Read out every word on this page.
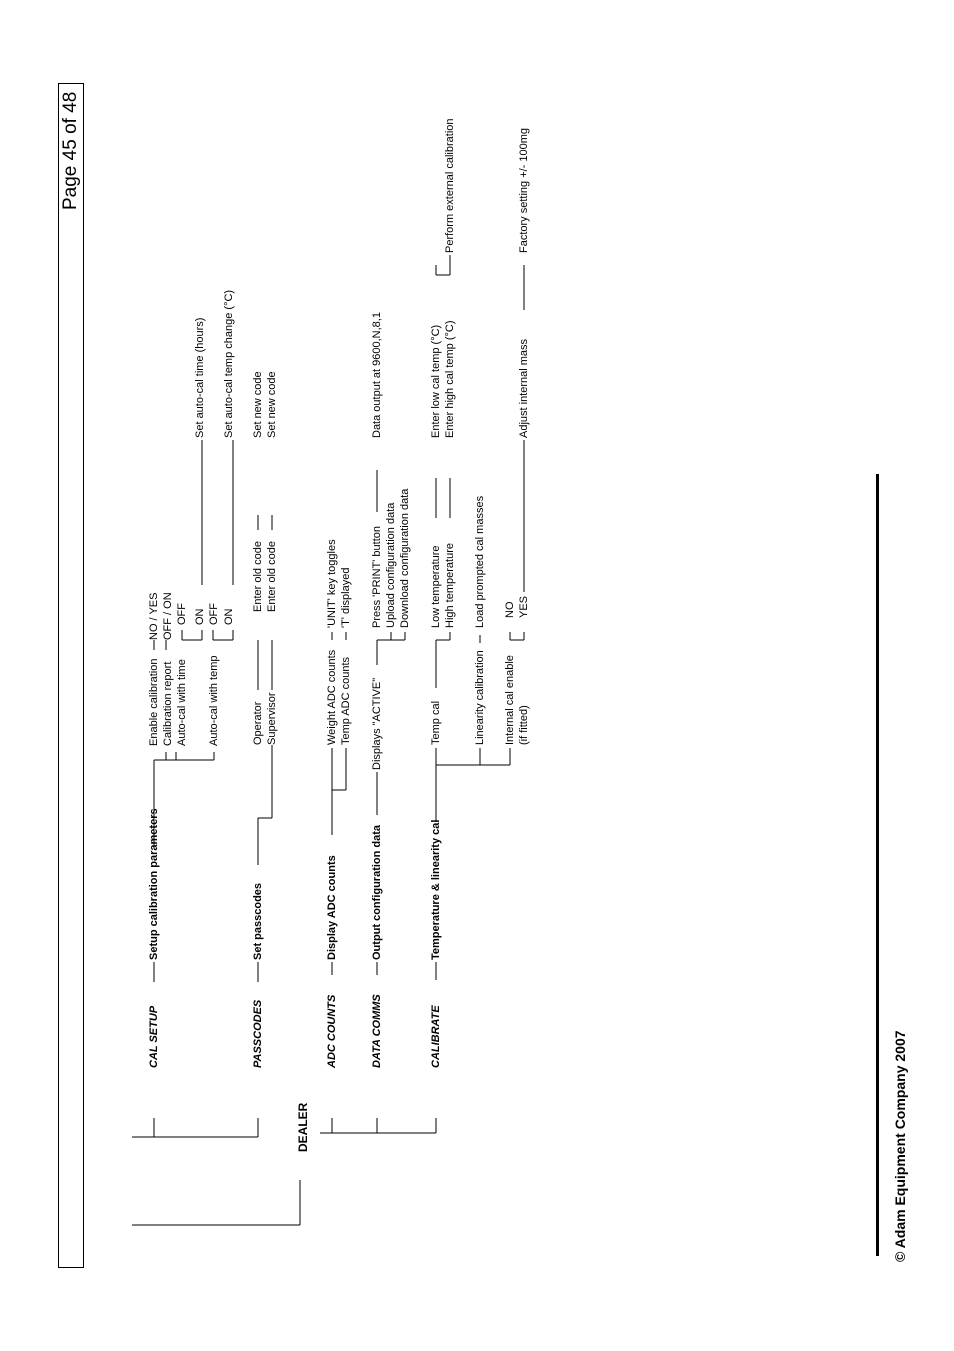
Page 45 of 48
DEALER
CAL SETUP
Setup calibration parameters
Enable calibration
NO / YES
Calibration report
OFF / ON
Auto-cal with time
OFF ON
Set auto-cal time (hours)
Auto-cal with temp
OFF ON
Set auto-cal temp change (°C)
PASSCODES
Set passcodes
Operator
Enter old code
Set new code
Supervisor
Enter old code
Set new code
ADC COUNTS
Display ADC counts
Weight ADC counts
'UNIT' key toggles
Temp ADC counts
'T' displayed
DATA COMMS
Output configuration data
Displays "ACTIVE"
Press 'PRINT' button
Data output at 9600,N,8,1
Upload configuration data Download configuration data
CALIBRATE
Temperature & linearity cal
Temp cal
Low temperature
Enter low cal temp (°C)
High temperature
Enter high cal temp (°C)
Perform external calibration
Linearity calibration
Load prompted cal masses
Internal cal enable (if fitted)
NO YES
Adjust internal mass
Factory setting +/- 100mg
© Adam Equipment Company 2007
